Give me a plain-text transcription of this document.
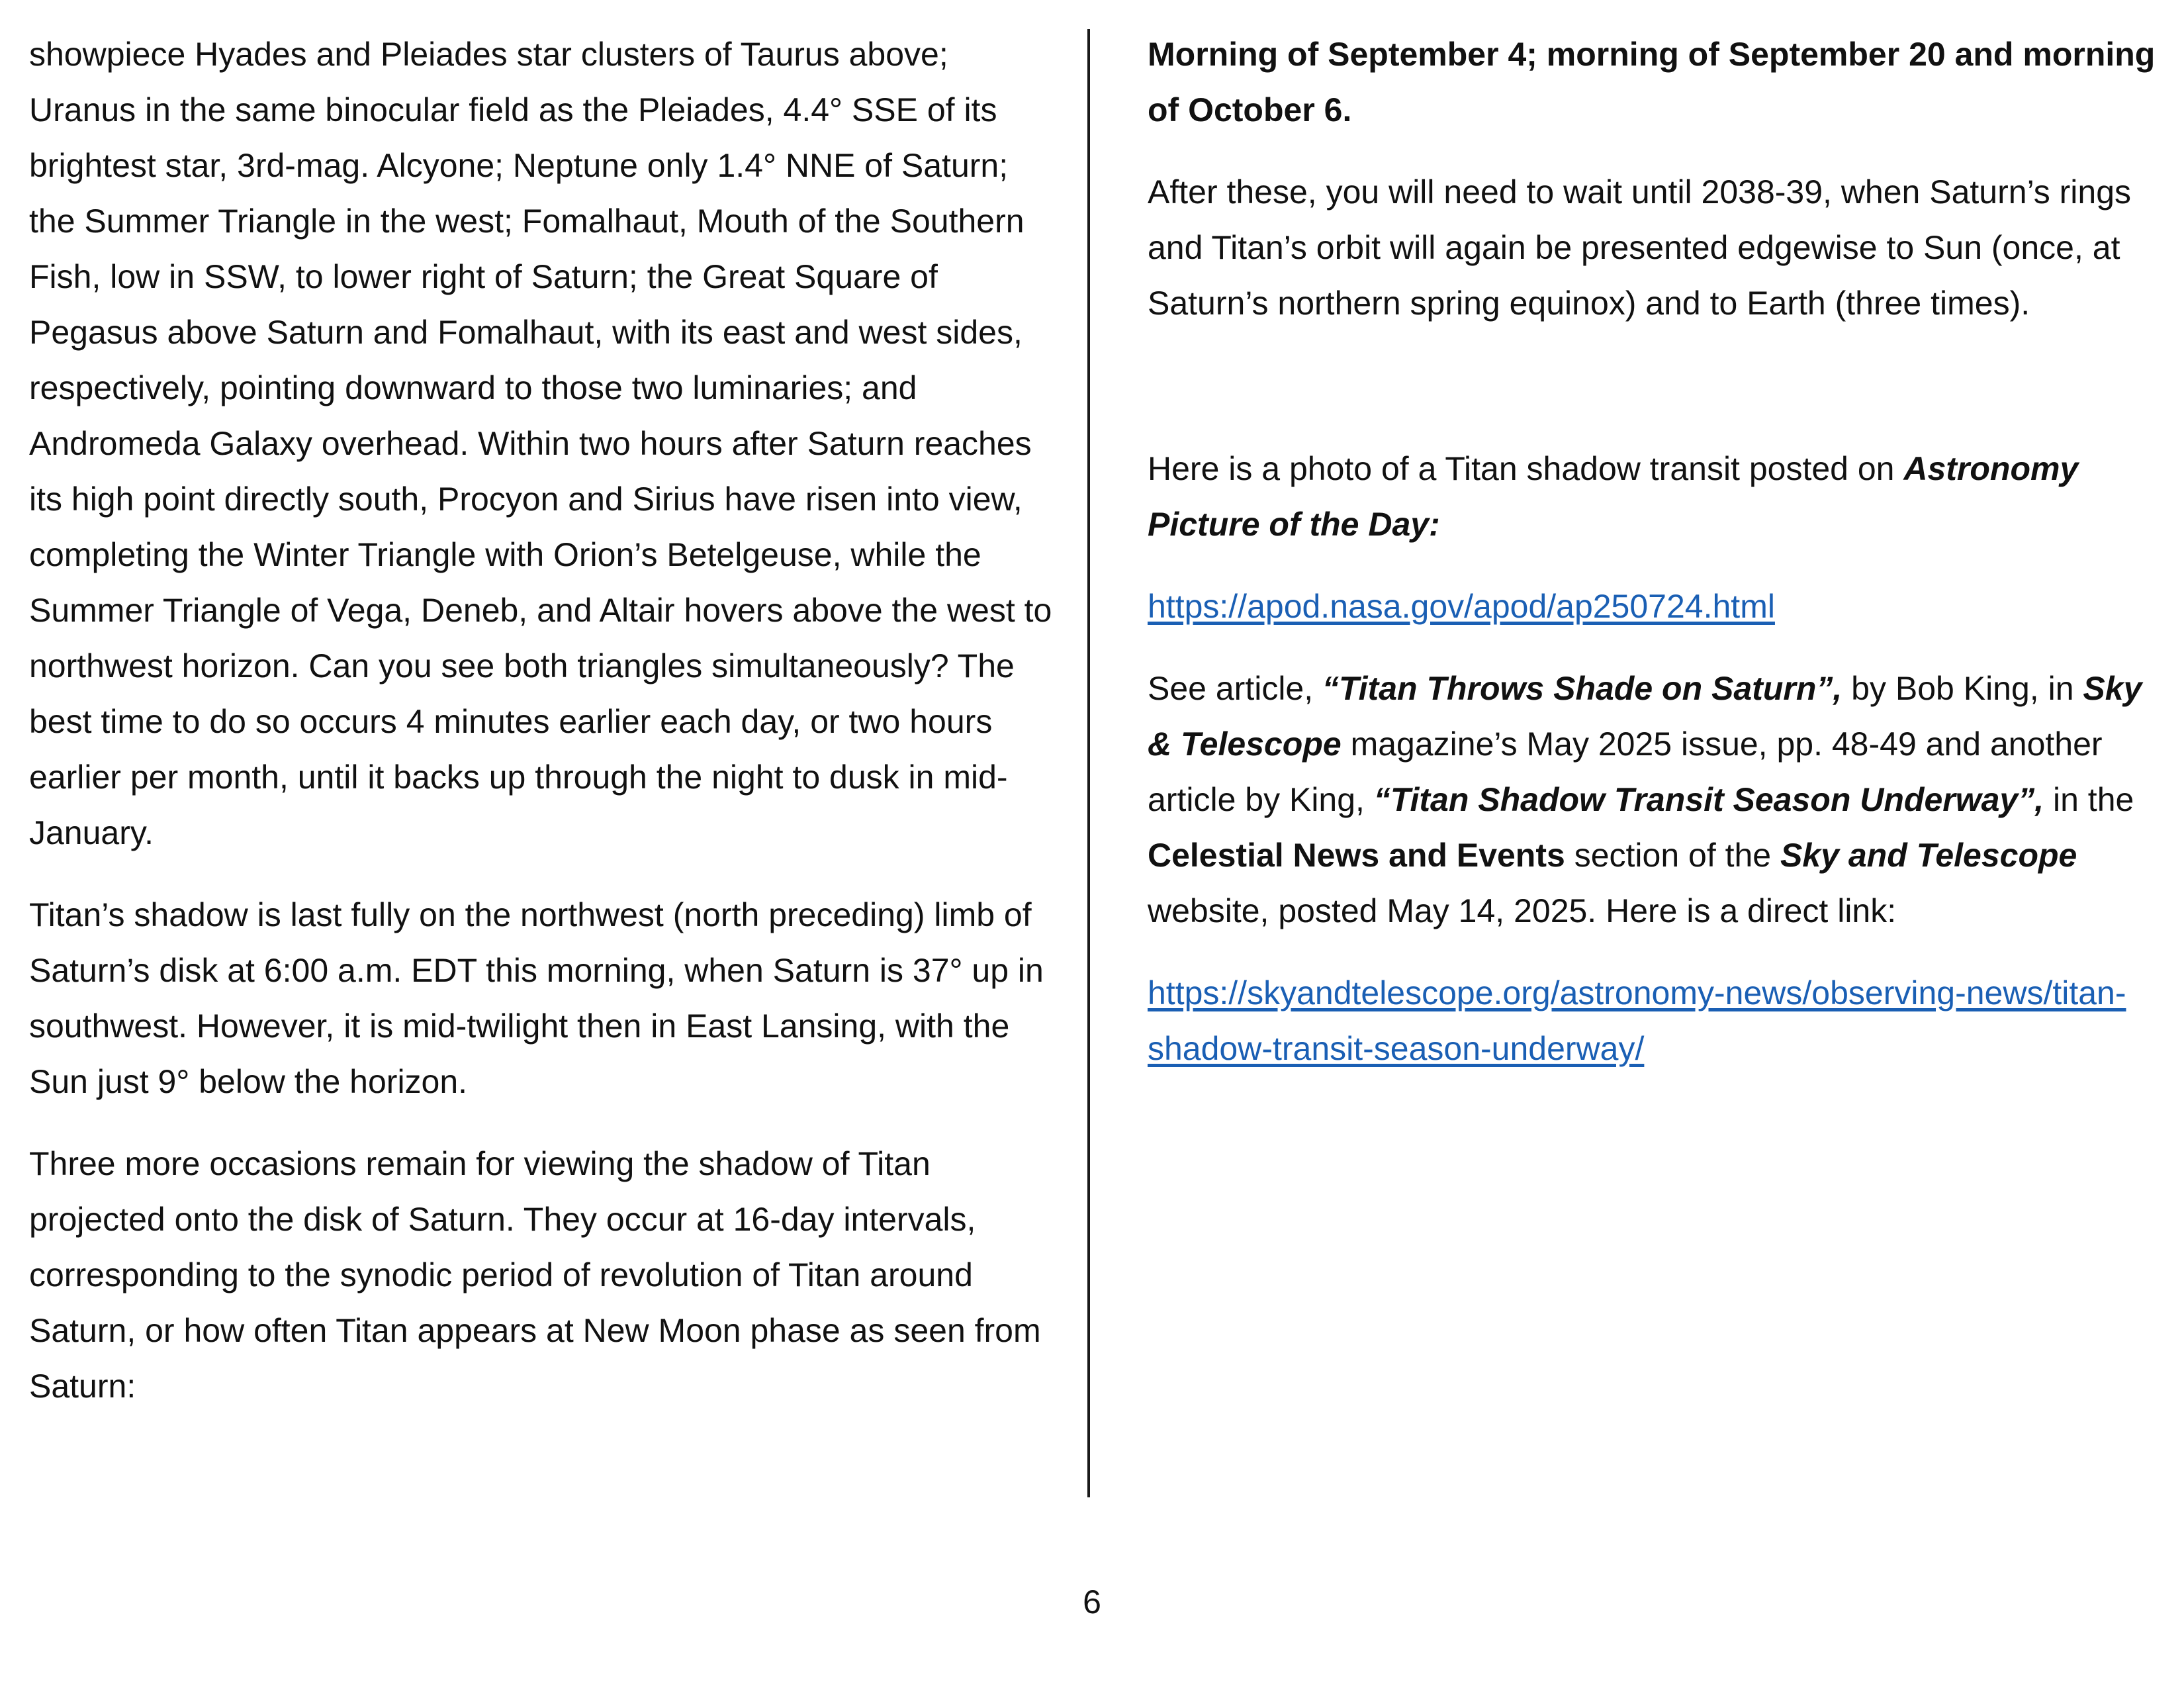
showpiece Hyades and Pleiades star clusters of Taurus above; Uranus in the same binocular field as the Pleiades, 4.4° SSE of its brightest star, 3rd-mag. Alcyone; Neptune only 1.4° NNE of Saturn; the Summer Triangle in the west; Fomalhaut, Mouth of the Southern Fish, low in SSW, to lower right of Saturn; the Great Square of Pegasus above Saturn and Fomalhaut, with its east and west sides, respectively, pointing downward to those two luminaries; and Andromeda Galaxy overhead. Within two hours after Saturn reaches its high point directly south, Procyon and Sirius have risen into view, completing the Winter Triangle with Orion’s Betelgeuse, while the Summer Triangle of Vega, Deneb, and Altair hovers above the west to northwest horizon. Can you see both triangles simultaneously? The best time to do so occurs 4 minutes earlier each day, or two hours earlier per month, until it backs up through the night to dusk in mid-January.

Titan’s shadow is last fully on the northwest (north preceding) limb of Saturn’s disk at 6:00 a.m. EDT this morning, when Saturn is 37° up in southwest. However, it is mid-twilight then in East Lansing, with the Sun just 9° below the horizon.

Three more occasions remain for viewing the shadow of Titan projected onto the disk of Saturn. They occur at 16-day intervals, corresponding to the synodic period of revolution of Titan around Saturn, or how often Titan appears at New Moon phase as seen from Saturn:

Morning of September 4; morning of September 20 and morning of October 6.

After these, you will need to wait until 2038-39, when Saturn’s rings and Titan’s orbit will again be presented edgewise to Sun (once, at Saturn’s northern spring equinox) and to Earth (three times).

Here is a photo of a Titan shadow transit posted on Astronomy Picture of the Day:

https://apod.nasa.gov/apod/ap250724.html

See article, “Titan Throws Shade on Saturn”, by Bob King, in Sky & Telescope magazine’s May 2025 issue, pp. 48-49 and another article by King, “Titan Shadow Transit Season Underway”, in the Celestial News and Events section of the Sky and Telescope website, posted May 14, 2025. Here is a direct link:

https://skyandtelescope.org/astronomy-news/observing-news/titan-shadow-transit-season-underway/

6
